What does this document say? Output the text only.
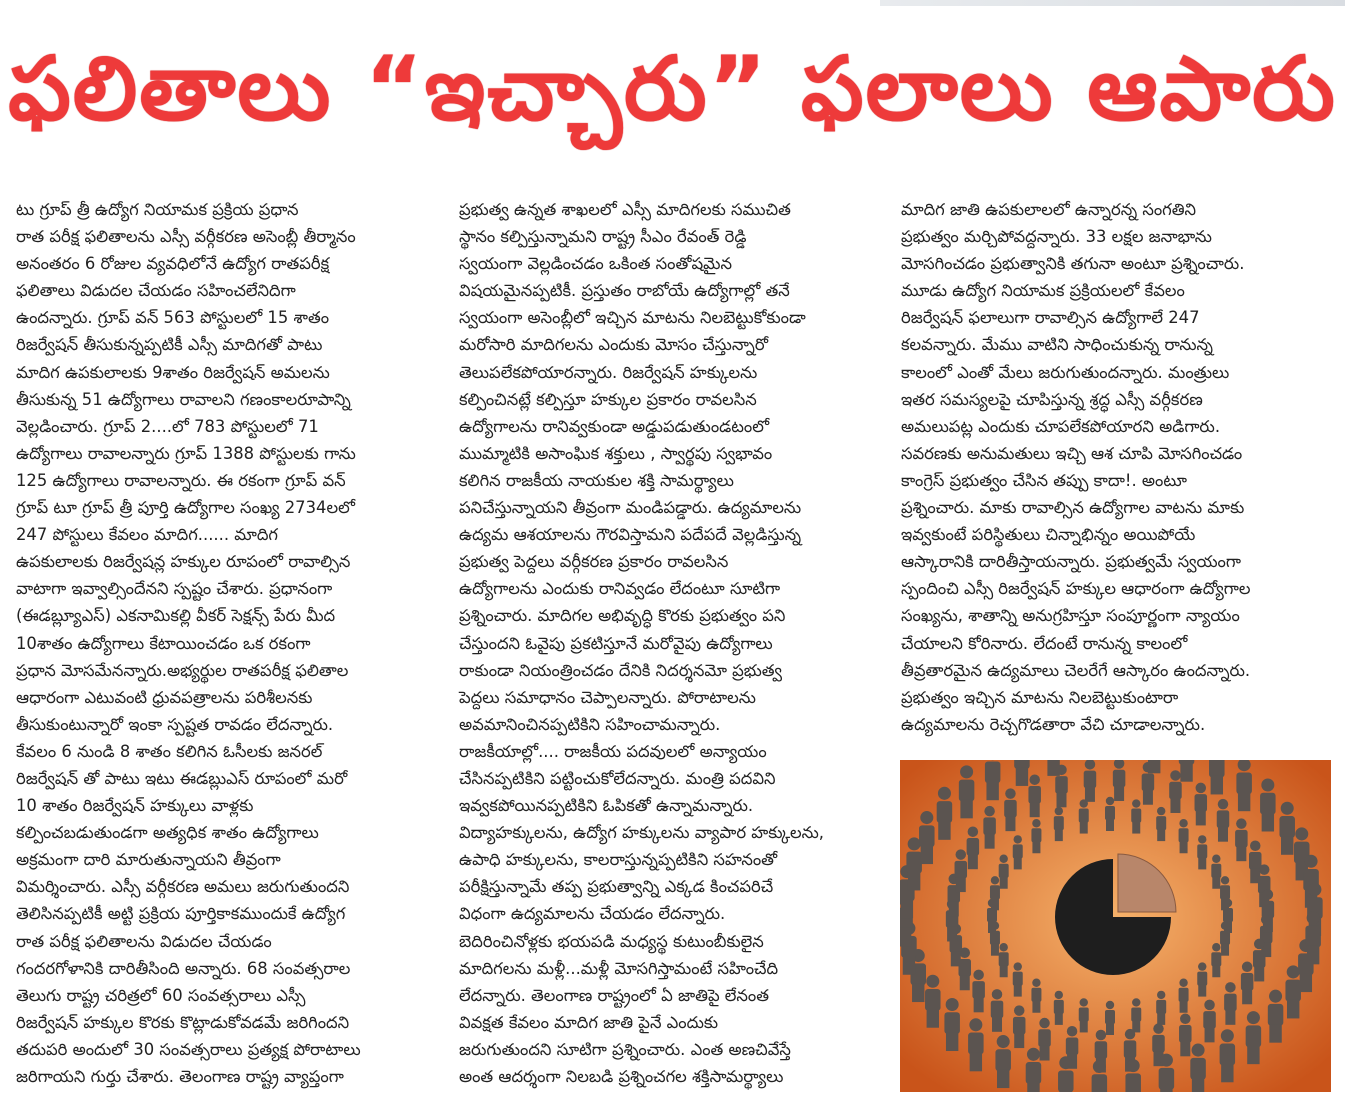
ఫలితాలు “ఇచ్చారు” ఫలాలు ఆపారు

టు గ్రూప్ త్రీ ఉద్యోగ నియామక ప్రక్రియ ప్రధాన
రాత పరీక్ష ఫలితాలను ఎస్సీ వర్గీకరణ అసెంబ్లీ తీర్మానం
అనంతరం 6 రోజుల వ్యవధిలోనే ఉద్యోగ రాతపరీక్ష
ఫలితాలు విడుదల చేయడం సహించలేనిదిగా
ఉందన్నారు. గ్రూప్ వన్ 563 పోస్టులలో 15 శాతం
రిజర్వేషన్ తీసుకున్నప్పటికీ ఎస్సీ మాదిగతో పాటు
మాదిగ ఉపకులాలకు 9శాతం రిజర్వేషన్ అమలను
తీసుకున్న 51 ఉద్యోగాలు రావాలని గణంకాలరూపాన్ని
వెల్లడించారు. గ్రూప్ 2....లో 783 పోస్టులలో 71
ఉద్యోగాలు రావాలన్నారు గ్రూప్ 1388 పోస్టులకు గాను
125 ఉద్యోగాలు రావాలన్నారు. ఈ రకంగా గ్రూప్ వన్
గ్రూప్ టూ గ్రూప్ త్రీ పూర్తి ఉద్యోగాల సంఖ్య 2734లలో
247 పోస్టులు కేవలం మాదిగ...... మాదిగ
ఉపకులాలకు రిజర్వేషన్ల హక్కుల రూపంలో రావాల్సిన
వాటాగా ఇవ్వాల్సిందేనని స్పష్టం చేశారు. ప్రధానంగా
(ఈడబ్ల్యూఎస్) ఎకనామికల్లి వీకర్ సెక్షన్స్ పేరు మీద
10శాతం ఉద్యోగాలు కేటాయించడం ఒక రకంగా
ప్రధాన మోసమేనన్నారు.అభ్యర్థుల రాతపరీక్ష ఫలితాల
ఆధారంగా ఎటువంటి ధ్రువపత్రాలను పరిశీలనకు
తీసుకుంటున్నారో ఇంకా స్పష్టత రావడం లేదన్నారు.
కేవలం 6 నుండి 8 శాతం కలిగిన ఓసీలకు జనరల్
రిజర్వేషన్ తో పాటు ఇటు ఈడబ్లుఎస్ రూపంలో మరో
10 శాతం రిజర్వేషన్ హక్కులు వాళ్లకు
కల్పించబడుతుండగా అత్యధిక శాతం ఉద్యోగాలు
అక్రమంగా దారి మారుతున్నాయని తీవ్రంగా
విమర్శించారు. ఎస్సీ వర్గీకరణ అమలు జరుగుతుందని
తెలిసినప్పటికీ అట్టి ప్రక్రియ పూర్తికాకముందుకే ఉద్యోగ
రాత పరీక్ష ఫలితాలను విడుదల చేయడం
గందరగోళానికి దారితీసింది అన్నారు. 68 సంవత్సరాల
తెలుగు రాష్ట్ర చరిత్రలో 60 సంవత్సరాలు ఎస్సీ
రిజర్వేషన్ హక్కుల కొరకు కొట్లాడుకోవడమే జరిగిందని
తదుపరి అందులో 30 సంవత్సరాలు ప్రత్యక్ష పోరాటాలు
జరిగాయని గుర్తు చేశారు. తెలంగాణ రాష్ట్ర వ్యాప్తంగా

ప్రభుత్వ ఉన్నత శాఖలలో ఎస్సీ మాదిగలకు సముచిత
స్థానం కల్పిస్తున్నామని రాష్ట్ర సీఎం రేవంత్ రెడ్డి
స్వయంగా వెల్లడించడం ఒకింత సంతోషమైన
విషయమైనప్పటికీ. ప్రస్తుతం రాబోయే ఉద్యోగాల్లో తనే
స్వయంగా అసెంబ్లీలో ఇచ్చిన మాటను నిలబెట్టుకోకుండా
మరోసారి మాదిగలను ఎందుకు మోసం చేస్తున్నారో
తెలుపలేకపోయారన్నారు. రిజర్వేషన్ హక్కులను
కల్పించినట్లే కల్పిస్తూ హక్కుల ప్రకారం రావలసిన
ఉద్యోగాలను రానివ్వకుండా అడ్డుపడుతుండటంలో
ముమ్మాటికి అసాంఘిక శక్తులు , స్వార్థపు స్వభావం
కలిగిన రాజకీయ నాయకుల శక్తి సామర్థ్యాలు
పనిచేస్తున్నాయని తీవ్రంగా మండిపడ్డారు. ఉద్యమాలను
ఉద్యమ ఆశయాలను గౌరవిస్తామని పదేపదే వెల్లడిస్తున్న
ప్రభుత్వ పెద్దలు వర్గీకరణ ప్రకారం రావలసిన
ఉద్యోగాలను ఎందుకు రానివ్వడం లేదంటూ సూటిగా
ప్రశ్నించారు. మాదిగల అభివృద్ధి కొరకు ప్రభుత్వం పని
చేస్తుందని ఓవైపు ప్రకటిస్తూనే మరోవైపు ఉద్యోగాలు
రాకుండా నియంత్రించడం దేనికి నిదర్శనమో ప్రభుత్వ
పెద్దలు సమాధానం చెప్పాలన్నారు. పోరాటాలను
అవమానించినప్పటికిని సహించామన్నారు.
రాజకీయాల్లో.... రాజకీయ పదవులలో అన్యాయం
చేసినప్పటికిని పట్టించుకోలేదన్నారు. మంత్రి పదవిని
ఇవ్వకపోయినప్పటికిని ఓపికతో ఉన్నామన్నారు.
విద్యాహక్కులను, ఉద్యోగ హక్కులను వ్యాపార హక్కులను,
ఉపాధి హక్కులను, కాలరాస్తున్నప్పటికిని సహనంతో
పరీక్షిస్తున్నామే తప్ప ప్రభుత్వాన్ని ఎక్కడ కించపరిచే
విధంగా ఉద్యమాలను చేయడం లేదన్నారు.
బెదిరించినోళ్లకు భయపడి మధ్యస్థ కుటుంబీకులైన
మాదిగలను మళ్లీ...మళ్లీ మోసగిస్తామంటే సహించేది
లేదన్నారు. తెలంగాణ రాష్ట్రంలో ఏ జాతిపై లేనంత
వివక్షత కేవలం మాదిగ జాతి పైనే ఎందుకు
జరుగుతుందని సూటిగా ప్రశ్నించారు. ఎంత అణచివేస్తే
అంత ఆదర్శంగా నిలబడి ప్రశ్నించగల శక్తిసామర్థ్యాలు

మాదిగ జాతి ఉపకులాలలో ఉన్నారన్న సంగతిని
ప్రభుత్వం మర్చిపోవద్దన్నారు. 33 లక్షల జనాభాను
మోసగించడం ప్రభుత్వానికి తగునా అంటూ ప్రశ్నించారు.
మూడు ఉద్యోగ నియామక ప్రక్రియలలో కేవలం
రిజర్వేషన్ ఫలాలుగా రావాల్సిన ఉద్యోగాలే 247
కలవన్నారు. మేము వాటిని సాధించుకున్న రానున్న
కాలంలో ఎంతో మేలు జరుగుతుందన్నారు. మంత్రులు
ఇతర సమస్యలపై చూపిస్తున్న శ్రద్ధ ఎస్సీ వర్గీకరణ
అమలుపట్ల ఎందుకు చూపలేకపోయారని అడిగారు.
సవరణకు అనుమతులు ఇచ్చి ఆశ చూపి మోసగించడం
కాంగ్రెస్ ప్రభుత్వం చేసిన తప్పు కాదా!. అంటూ
ప్రశ్నించారు. మాకు రావాల్సిన ఉద్యోగాల వాటను మాకు
ఇవ్వకుంటే పరిస్థితులు చిన్నాభిన్నం అయిపోయే
ఆస్కారానికి దారితీస్తాయన్నారు. ప్రభుత్వమే స్వయంగా
స్పందించి ఎస్సీ రిజర్వేషన్ హక్కుల ఆధారంగా ఉద్యోగాల
సంఖ్యను, శాతాన్ని అనుగ్రహిస్తూ సంపూర్ణంగా న్యాయం
చేయాలని కోరినారు. లేదంటే రానున్న కాలంలో
తీవ్రతారమైన ఉద్యమాలు చెలరేగే ఆస్కారం ఉందన్నారు.
ప్రభుత్వం ఇచ్చిన మాటను నిలబెట్టుకుంటారా
ఉద్యమాలను రెచ్చగొడతారా వేచి చూడాలన్నారు.
